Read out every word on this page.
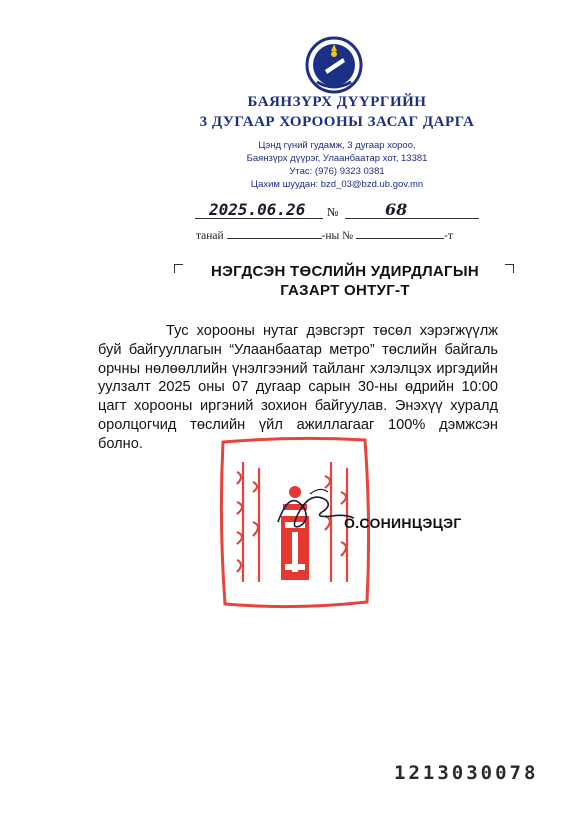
БАЯНЗҮРХ ДҮҮРГИЙН
3 ДУГААР ХОРООНЫ ЗАСАГ ДАРГА
Цэнд гүний гудамж, 3 дугаар хороо,
Баянзүрх дүүрэг, Улаанбаатар хот, 13381
Утас: (976) 9323 0381
Цахим шуудан: bzd_03@bzd.ub.gov.mn
2025.06.26 №	68
танай	-ны №	-т
НЭГДСЭН ТӨСЛИЙН УДИРДЛАГЫН
ГАЗАРТ ОНТУГ-Т
Тус хорооны нутаг дэвсгэрт төсөл хэрэгжүүлж буй байгууллагын “Улаанбаатар метро” төслийн байгаль орчны нөлөөллийн үнэлгээний тайланг хэлэлцэх иргэдийн уулзалт 2025 оны 07 дугаар сарын 30-ны өдрийн 10:00 цагт хорооны иргэний зохион байгуулав. Энэхүү хуралд оролцогчид төслийн үйл ажиллагааг 100% дэмжсэн болно.
О.СОНИНЦЭЦЭГ
1213030078
